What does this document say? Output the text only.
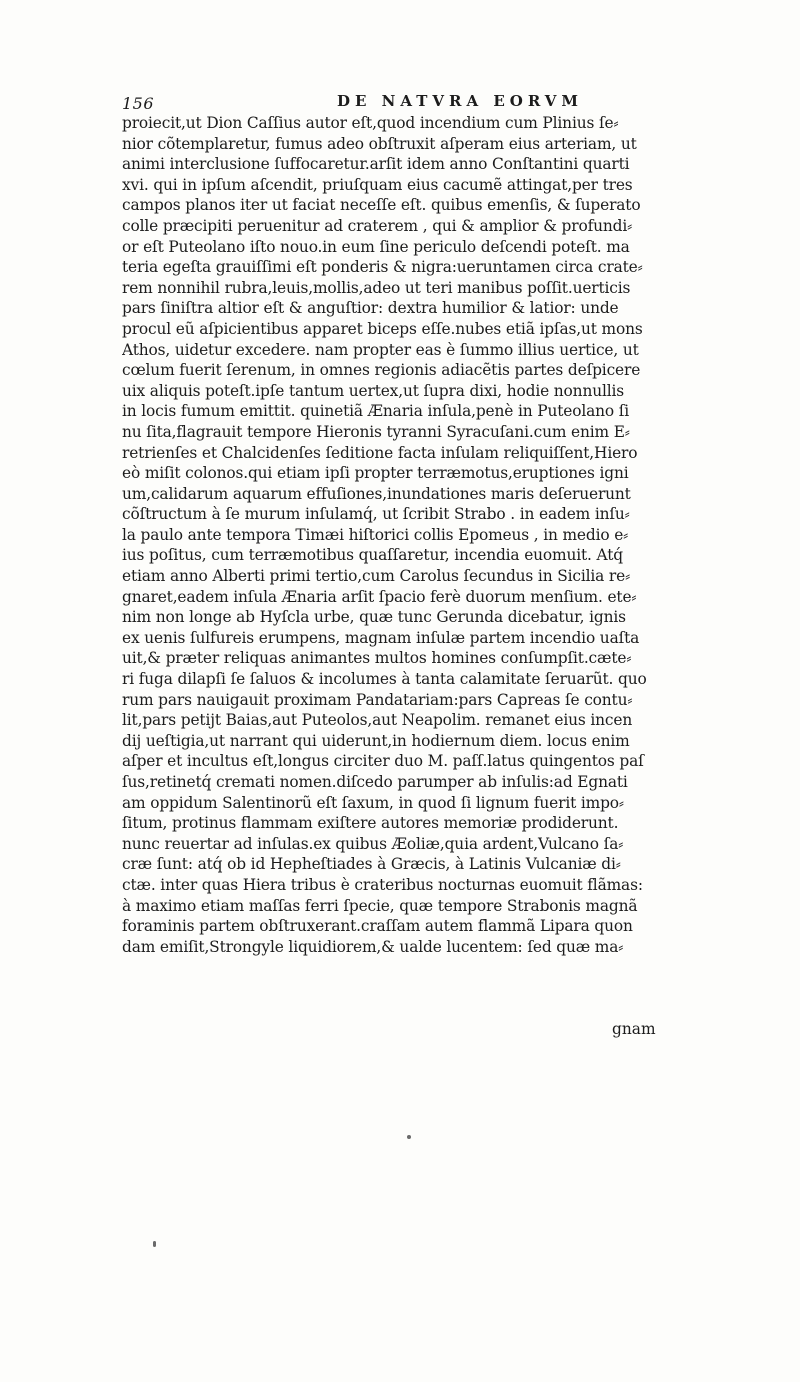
156	DE NATVRA EORVM
proiecit,ut Dion Caſſius autor eſt,quod incendium cum Plinius ſe⸗
nior cõtemplaretur, fumus adeo obſtruxit aſperam eius arteriam, ut
animi interclusione ſuffocaretur.arſit idem anno Conſtantini quarti
xvi. qui in ipſum aſcendit, priuſquam eius cacumẽ attingat,per tres
campos planos iter ut faciat neceſſe eſt. quibus emenſis, & ſuperato
colle præcipiti peruenitur ad craterem , qui & amplior & profundi⸗
or eſt Puteolano iſto nouo.in eum ſine periculo deſcendi poteſt. ma
teria egeſta grauiſſimi eſt ponderis & nigra:ueruntamen circa crate⸗
rem nonnihil rubra,leuis,mollis,adeo ut teri manibus poſſit.uerticis
pars ſiniſtra altior eſt & anguſtior: dextra humilior & latior: unde
procul eũ aſpicientibus apparet biceps eſſe.nubes etiã ipſas,ut mons
Athos, uidetur excedere. nam propter eas è ſummo illius uertice, ut
cœlum fuerit ſerenum, in omnes regionis adiacẽtis partes deſpicere
uix aliquis poteſt.ipſe tantum uertex,ut ſupra dixi, hodie nonnullis
in locis fumum emittit. quinetiã Ænaria inſula,penè in Puteolano ſi
nu ſita,flagrauit tempore Hieronis tyranni Syracuſani.cum enim E⸗
retrienſes et Chalcidenſes ſeditione facta inſulam reliquiſſent,Hiero
eò miſit colonos.qui etiam ipſi propter terræmotus,eruptiones igni
um,calidarum aquarum effuſiones,inundationes maris deſeruerunt
cõſtructum à ſe murum inſulamq́, ut ſcribit Strabo . in eadem inſu⸗
la paulo ante tempora Timæi hiſtorici collis Epomeus , in medio e⸗
ius poſitus, cum terræmotibus quaſſaretur, incendia euomuit. Atq́
etiam anno Alberti primi tertio,cum Carolus ſecundus in Sicilia re⸗
gnaret,eadem inſula Ænaria arſit ſpacio ferè duorum menſium. ete⸗
nim non longe ab Hyſcla urbe, quæ tunc Gerunda dicebatur, ignis
ex uenis ſulfureis erumpens, magnam inſulæ partem incendio uaſta
uit,& præter reliquas animantes multos homines conſumpſit.cæte⸗
ri fuga dilapſi ſe ſaluos & incolumes à tanta calamitate ſeruarũt. quo
rum pars nauigauit proximam Pandatariam:pars Capreas ſe contu⸗
lit,pars petijt Baias,aut Puteolos,aut Neapolim. remanet eius incen
dij ueſtigia,ut narrant qui uiderunt,in hodiernum diem. locus enim
aſper et incultus eſt,longus circiter duo M. paſſ.latus quingentos paſ
ſus,retinetq́ cremati nomen.diſcedo parumper ab inſulis:ad Egnati
am oppidum Salentinorũ eſt ſaxum, in quod ſi lignum fuerit impo⸗
ſitum, protinus flammam exiſtere autores memoriæ prodiderunt.
nunc reuertar ad inſulas.ex quibus Æoliæ,quia ardent,Vulcano ſa⸗
cræ ſunt: atq́ ob id Hepheſtiades à Græcis, à Latinis Vulcaniæ di⸗
ctæ. inter quas Hiera tribus è crateribus nocturnas euomuit flãmas:
à maximo etiam maſſas ferri ſpecie, quæ tempore Strabonis magnã
foraminis partem obſtruxerant.craſſam autem flammã Lipara quon
dam emiſit,Strongyle liquidiorem,& ualde lucentem: ſed quæ ma⸗
gnam
